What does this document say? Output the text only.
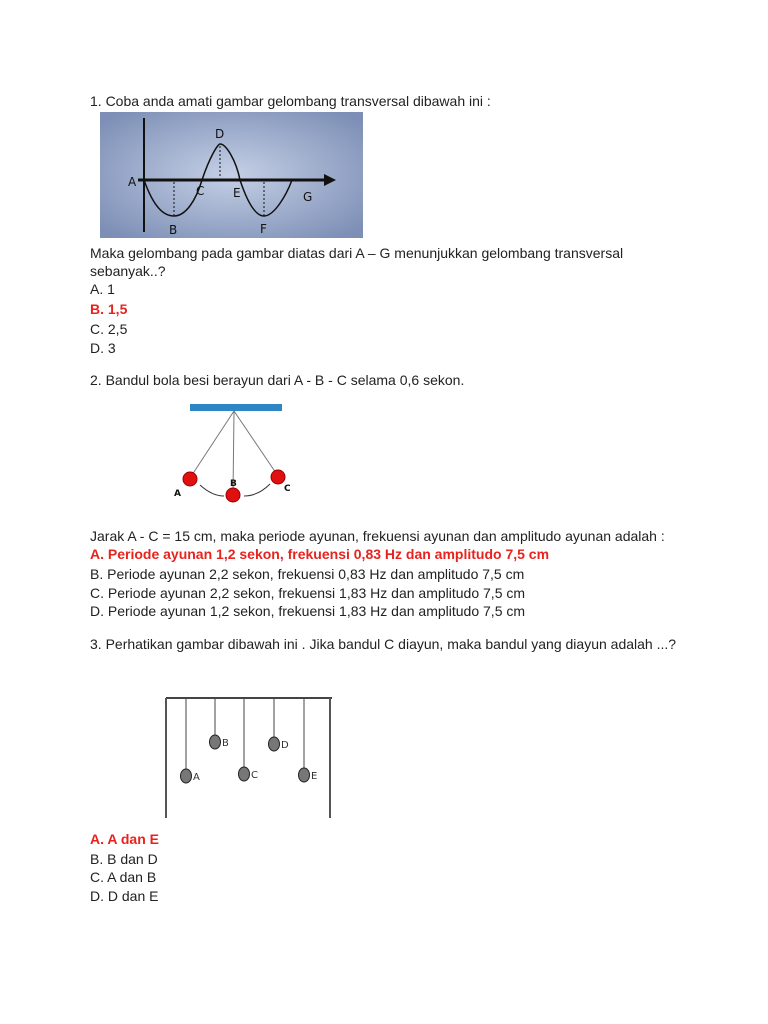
1. Coba anda amati gambar gelombang transversal dibawah ini :
A
B
C
D
E
F
G
Maka gelombang pada gambar diatas dari A – G menunjukkan gelombang transversal
sebanyak..?
A. 1
B. 1,5
C. 2,5
D. 3
2. Bandul bola besi berayun dari A - B - C selama 0,6 sekon.
A
B	C
Jarak A - C = 15 cm, maka periode ayunan, frekuensi ayunan dan amplitudo ayunan adalah :
A. Periode ayunan 1,2 sekon, frekuensi 0,83 Hz dan amplitudo 7,5 cm
B. Periode ayunan 2,2 sekon, frekuensi 0,83 Hz dan amplitudo 7,5 cm
C. Periode ayunan 2,2 sekon, frekuensi 1,83 Hz dan amplitudo 7,5 cm
D. Periode ayunan 1,2 sekon, frekuensi 1,83 Hz dan amplitudo 7,5 cm
3. Perhatikan gambar dibawah ini . Jika bandul C diayun, maka bandul yang diayun adalah ...?
A
B
C
D
E
A. A dan E
B. B dan D
C. A dan B
D. D dan E
